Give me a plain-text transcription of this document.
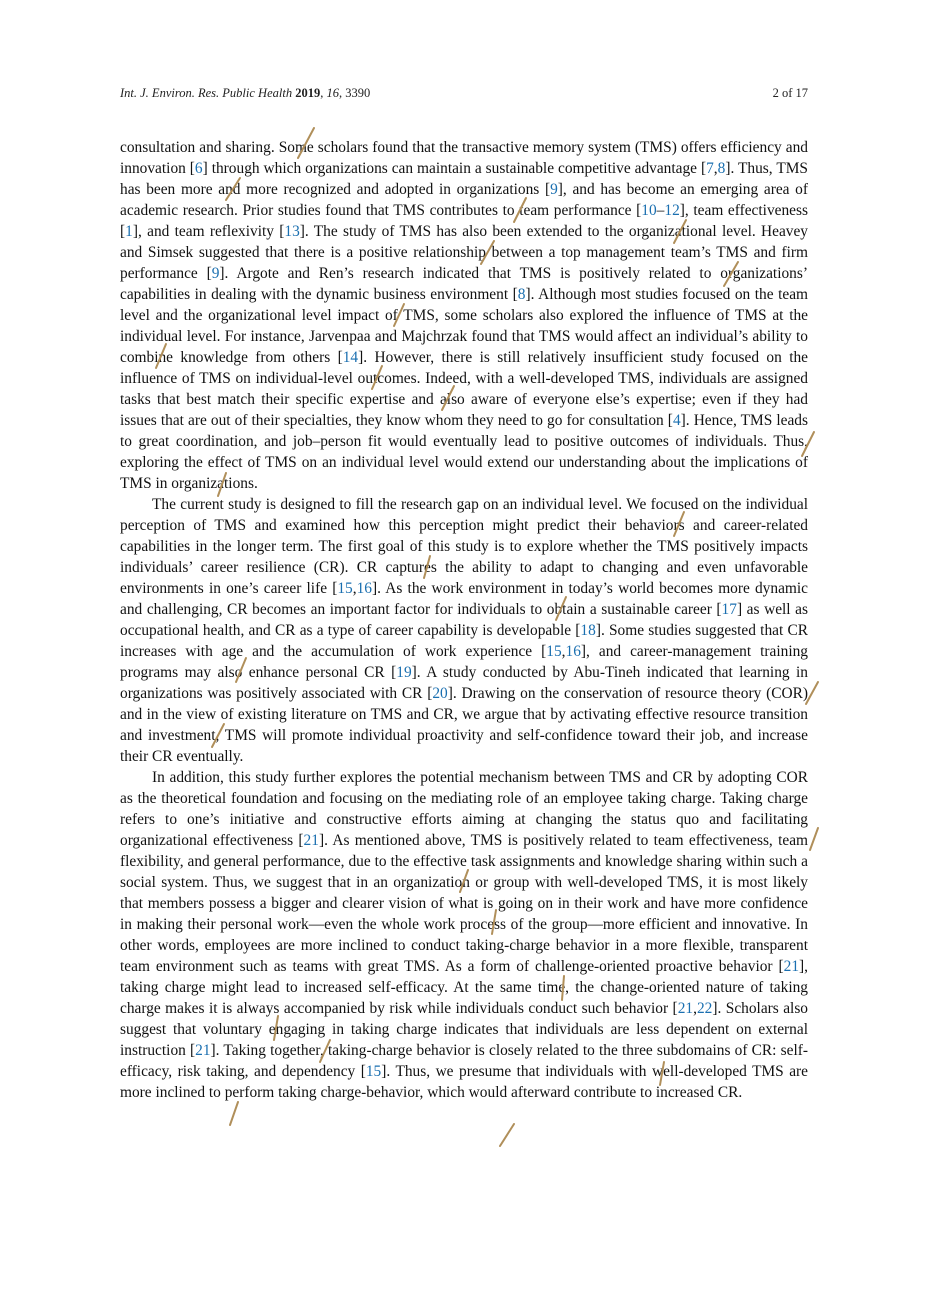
Int. J. Environ. Res. Public Health 2019, 16, 3390	2 of 17

consultation and sharing. Some scholars found that the transactive memory system (TMS) offers efficiency and innovation [6] through which organizations can maintain a sustainable competitive advantage [7,8]. Thus, TMS has been more and more recognized and adopted in organizations [9], and has become an emerging area of academic research. Prior studies found that TMS contributes to team performance [10–12], team effectiveness [1], and team reflexivity [13]. The study of TMS has also been extended to the organizational level. Heavey and Simsek suggested that there is a positive relationship between a top management team’s TMS and firm performance [9]. Argote and Ren’s research indicated that TMS is positively related to organizations’ capabilities in dealing with the dynamic business environment [8]. Although most studies focused on the team level and the organizational level impact of TMS, some scholars also explored the influence of TMS at the individual level. For instance, Jarvenpaa and Majchrzak found that TMS would affect an individual’s ability to combine knowledge from others [14]. However, there is still relatively insufficient study focused on the influence of TMS on individual-level outcomes. Indeed, with a well-developed TMS, individuals are assigned tasks that best match their specific expertise and also aware of everyone else’s expertise; even if they had issues that are out of their specialties, they know whom they need to go for consultation [4]. Hence, TMS leads to great coordination, and job–person fit would eventually lead to positive outcomes of individuals. Thus, exploring the effect of TMS on an individual level would extend our understanding about the implications of TMS in organizations.

The current study is designed to fill the research gap on an individual level. We focused on the individual perception of TMS and examined how this perception might predict their behaviors and career-related capabilities in the longer term. The first goal of this study is to explore whether the TMS positively impacts individuals’ career resilience (CR). CR captures the ability to adapt to changing and even unfavorable environments in one’s career life [15,16]. As the work environment in today’s world becomes more dynamic and challenging, CR becomes an important factor for individuals to obtain a sustainable career [17] as well as occupational health, and CR as a type of career capability is developable [18]. Some studies suggested that CR increases with age and the accumulation of work experience [15,16], and career-management training programs may also enhance personal CR [19]. A study conducted by Abu-Tineh indicated that learning in organizations was positively associated with CR [20]. Drawing on the conservation of resource theory (COR) and in the view of existing literature on TMS and CR, we argue that by activating effective resource transition and investment, TMS will promote individual proactivity and self-confidence toward their job, and increase their CR eventually.

In addition, this study further explores the potential mechanism between TMS and CR by adopting COR as the theoretical foundation and focusing on the mediating role of an employee taking charge. Taking charge refers to one’s initiative and constructive efforts aiming at changing the status quo and facilitating organizational effectiveness [21]. As mentioned above, TMS is positively related to team effectiveness, team flexibility, and general performance, due to the effective task assignments and knowledge sharing within such a social system. Thus, we suggest that in an organization or group with well-developed TMS, it is most likely that members possess a bigger and clearer vision of what is going on in their work and have more confidence in making their personal work—even the whole work process of the group—more efficient and innovative. In other words, employees are more inclined to conduct taking-charge behavior in a more flexible, transparent team environment such as teams with great TMS. As a form of challenge-oriented proactive behavior [21], taking charge might lead to increased self-efficacy. At the same time, the change-oriented nature of taking charge makes it is always accompanied by risk while individuals conduct such behavior [21,22]. Scholars also suggest that voluntary engaging in taking charge indicates that individuals are less dependent on external instruction [21]. Taking together, taking-charge behavior is closely related to the three subdomains of CR: self-efficacy, risk taking, and dependency [15]. Thus, we presume that individuals with well-developed TMS are more inclined to perform taking charge-behavior, which would afterward contribute to increased CR.
